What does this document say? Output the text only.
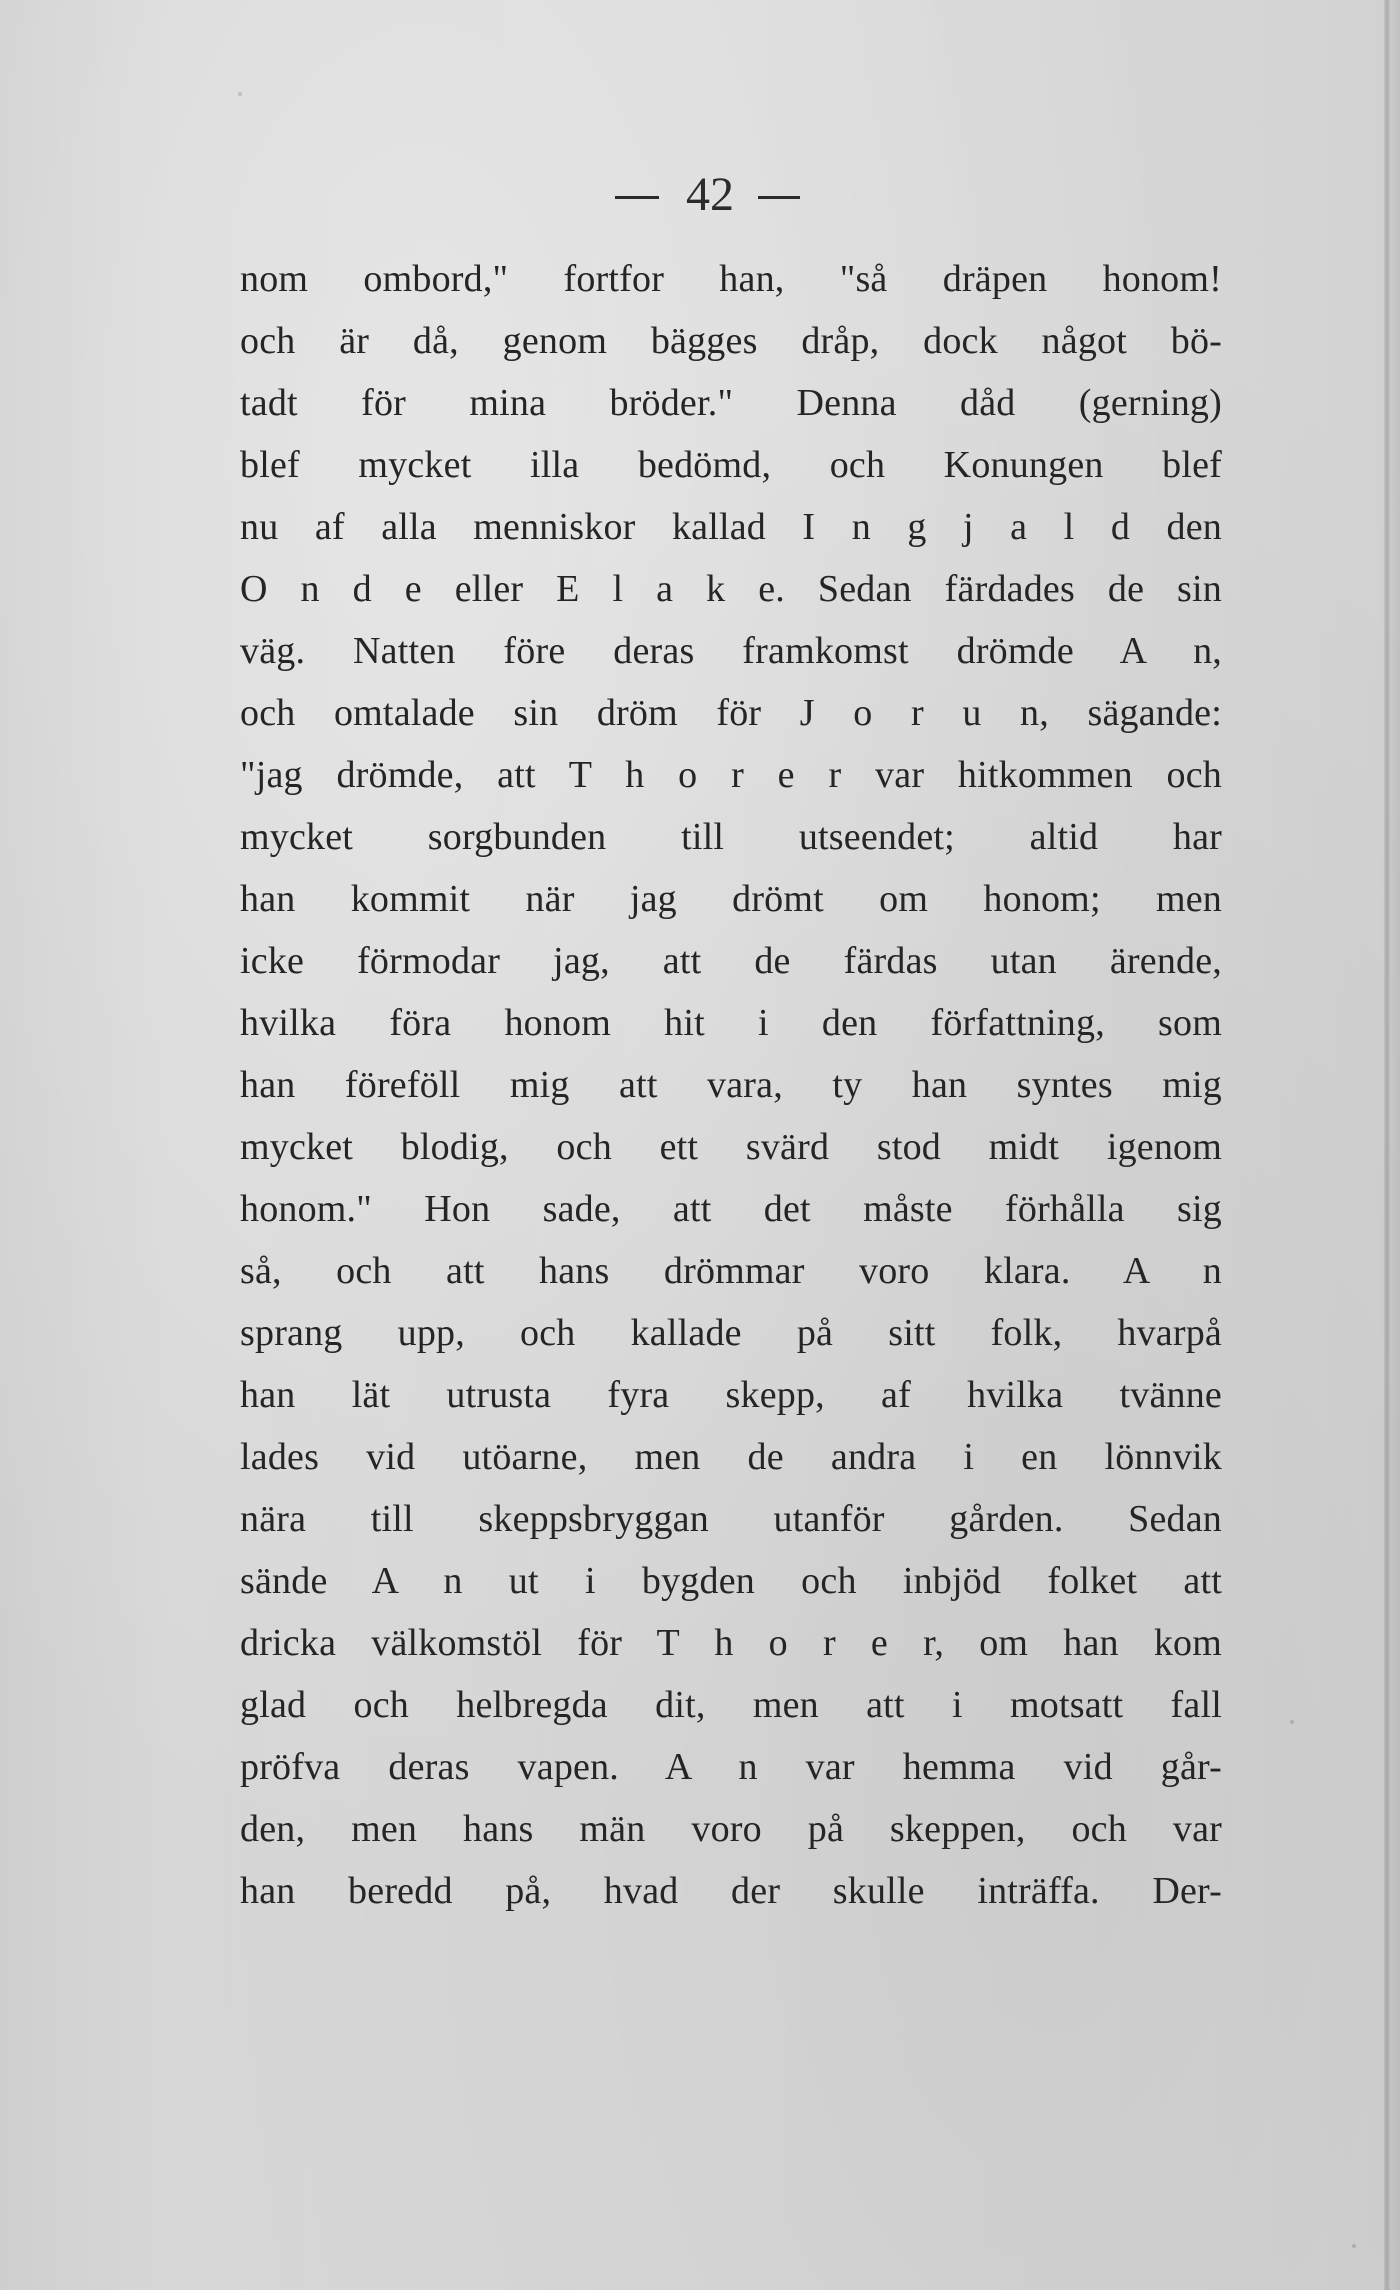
42
nom ombord," fortfor han, "så dräpen honom!
och är då, genom bägges dråp, dock något bö-
tadt för mina bröder." Denna dåd (gerning)
blef mycket illa bedömd, och Konungen blef
nu af alla menniskor kallad I n g j a l d den
O n d e eller E l a k e. Sedan färdades de sin
väg. Natten före deras framkomst drömde A n,
och omtalade sin dröm för J o r u n, sägande:
"jag drömde, att T h o r e r var hitkommen och
mycket sorgbunden till utseendet; altid har
han kommit när jag drömt om honom; men
icke förmodar jag, att de färdas utan ärende,
hvilka föra honom hit i den författning, som
han föreföll mig att vara, ty han syntes mig
mycket blodig, och ett svärd stod midt igenom
honom." Hon sade, att det måste förhålla sig
så, och att hans drömmar voro klara. A n
sprang upp, och kallade på sitt folk, hvarpå
han lät utrusta fyra skepp, af hvilka tvänne
lades vid utöarne, men de andra i en lönnvik
nära till skeppsbryggan utanför gården. Sedan
sände A n ut i bygden och inbjöd folket att
dricka välkomstöl för T h o r e r, om han kom
glad och helbregda dit, men att i motsatt fall
pröfva deras vapen. A n var hemma vid går-
den, men hans män voro på skeppen, och var
han beredd på, hvad der skulle inträffa. Der-
